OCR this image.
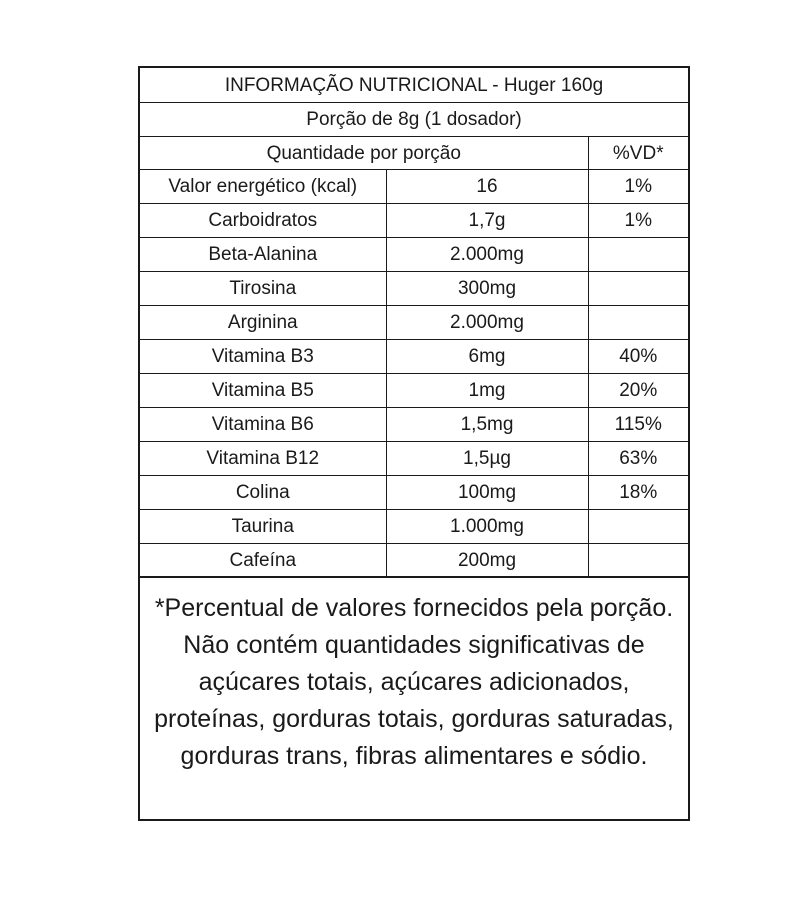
INFORMAÇÃO NUTRICIONAL - Huger 160g		
Porção de 8g (1 dosador)		
Quantidade por porção		%VD*
Valor energético (kcal)	16	1%
Carboidratos	1,7g	1%
Beta-Alanina	2.000mg	
Tirosina	300mg	
Arginina	2.000mg	
Vitamina B3	6mg	40%
Vitamina B5	1mg	20%
Vitamina B6	1,5mg	115%
Vitamina B12	1,5µg	63%
Colina	100mg	18%
Taurina	1.000mg	
Cafeína	200mg	
*Percentual de valores fornecidos pela porção. Não contém quantidades significativas de açúcares totais, açúcares adicionados, proteínas, gorduras totais, gorduras saturadas, gorduras trans, fibras alimentares e sódio.
